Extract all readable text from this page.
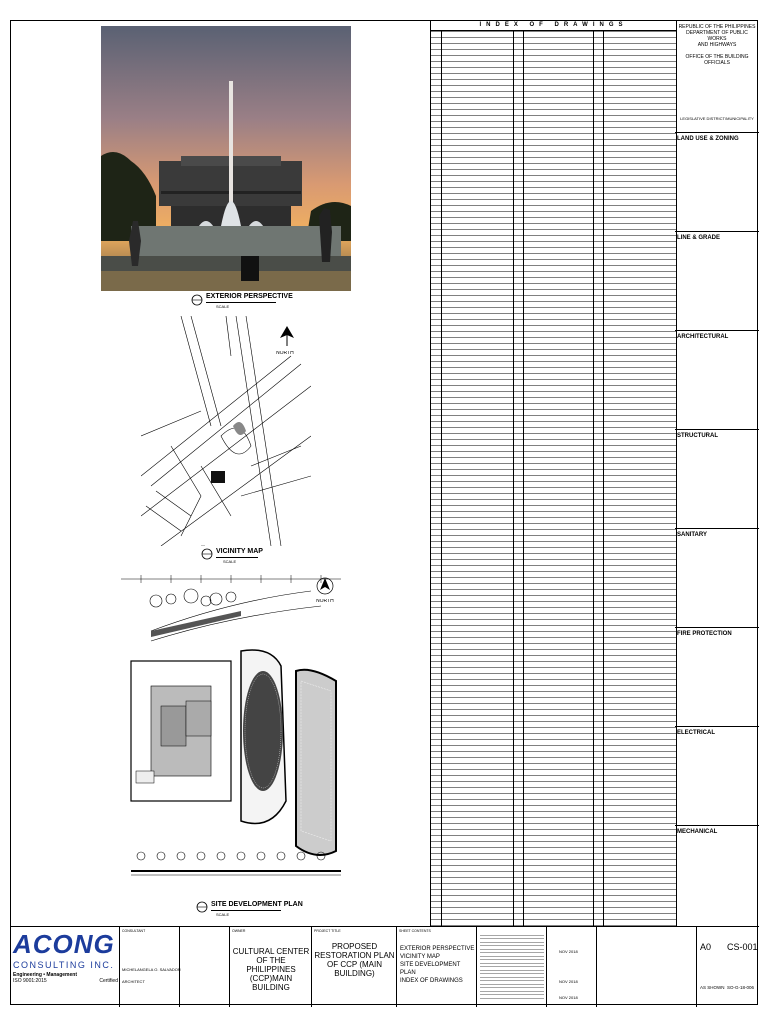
EXTERIOR PERSPECTIVE
SCALE
—
NORTH
VICINITY MAP
SCALE
NORTH
SITE DEVELOPMENT PLAN
SCALE
INDEX OF DRAWINGS	REPUBLIC OF THE PHILIPPINES
DEPARTMENT OF PUBLIC WORKS
AND HIGHWAYS
OFFICE OF THE BUILDING OFFICIALS
LEGISLATIVE DISTRICT/MUNICIPALITY
LAND USE & ZONING
LINE & GRADE
ARCHITECTURAL
STRUCTURAL
SANITARY
FIRE PROTECTION
ELECTRICAL
MECHANICAL
ACONG
CONSULTING INC.
Engineering • Management
ISO 9001:2015	Certified
CONSULTANT
MICHELANGELA O. SALVADOR
ARCHITECT
OWNER
CULTURAL CENTER OF THE PHILIPPINES (CCP)MAIN BUILDING
PROJECT TITLE
PROPOSED RESTORATION PLAN OF CCP (MAIN BUILDING)
SHEET CONTENTS
EXTERIOR PERSPECTIVE
VICINITY MAP
SITE DEVELOPMENT PLAN
INDEX OF DRAWINGS
NOV 2018
NOV 2018
NOV 2018
A0 CS-001
AS SHOWN SO-G-18-006
